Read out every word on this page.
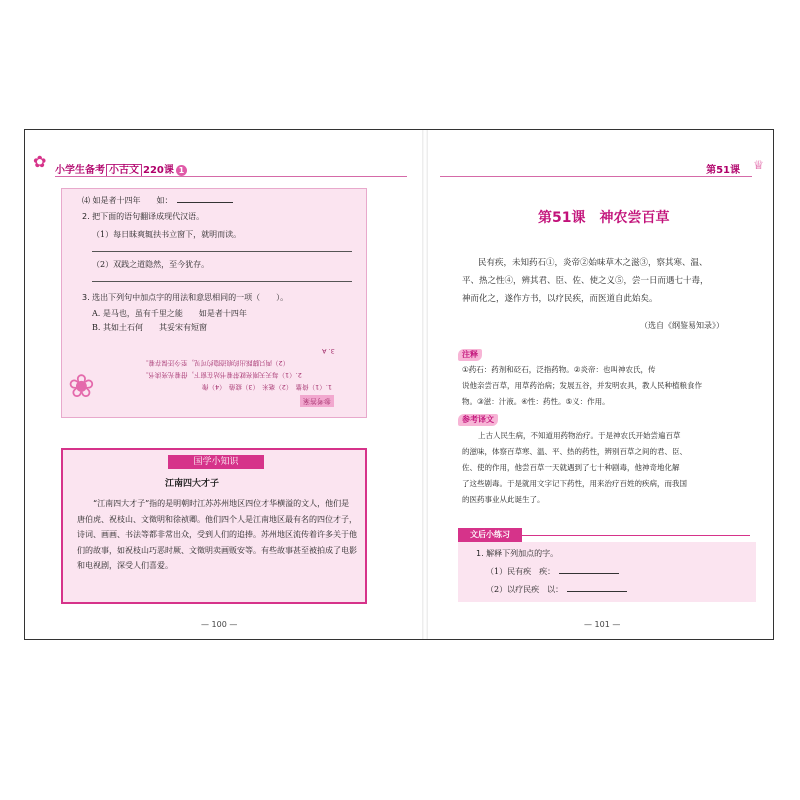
✿ 小学生备考 小古文 220课 1
⑷ 如是者十四年　　 如：
2. 把下面的语句翻译成现代汉语。
（1）每日昧爽辄扶书立窗下，就明而读。
（2）双践之道隐然，至今犹存。
3. 选出下列句中加点字的用法和意思相同的一项（　　）。
A. 是马也，虽有千里之能　　 如是者十四年
B. 其如土石何　　 其妥宋有短窗
1.（1）倚靠　（2）毫米　（3）疲倦　（4）像
2.（1）每天天刚亮就带着书站在窗下，借着光亮读书。
（2）两只脚踩出的痕迹隐约可见，至今还保存着。
3. A
参考答案
❀
国学小知识
江南四大才子
“江南四大才子”指的是明朝时江苏苏州地区四位才华横溢的文人，他们是唐伯虎、祝枝山、文徵明和徐祯卿。他们四个人是江南地区最有名的四位才子，诗词、画画、书法等都非常出众，受到人们的追捧。苏州地区流传着许多关于他们的故事，如祝枝山巧恶时厥、文徵明卖画贩安等。有些故事甚至被拍成了电影和电视剧，深受人们喜爱。
— 100 —
第51课 ♕
第51课　神农尝百草
民有疾，未知药石①，炎帝②始味草木之滋③，察其寒、温、
平、热之性④，辨其君、臣、佐、使之义⑤，尝一日而遇七十毒，
神而化之，遂作方书，以疗民疾，而医道自此始矣。
（选自《纲鉴易知录》）
注释
①药石：药剂和砭石，泛指药物。②炎帝：也叫神农氏，传
说他亲尝百草，用草药治病；发展五谷，并发明农具，教人民种植粮食作
物。③滋：汁液。④性：药性。⑤义：作用。
参考译文
上古人民生病，不知道用药物治疗。于是神农氏开始尝遍百草
的滋味，体察百草寒、温、平、热的药性，辨别百草之间的君、臣、
佐、使的作用，他尝百草一天就遇到了七十种剧毒，他神奇地化解
了这些剧毒。于是就用文字记下药性，用来治疗百姓的疾病，而我国
的医药事业从此诞生了。
文后小练习
1. 解释下列加点的字。
（1）民有疾　 疾：
（2）以疗民疾　 以：
— 101 —
